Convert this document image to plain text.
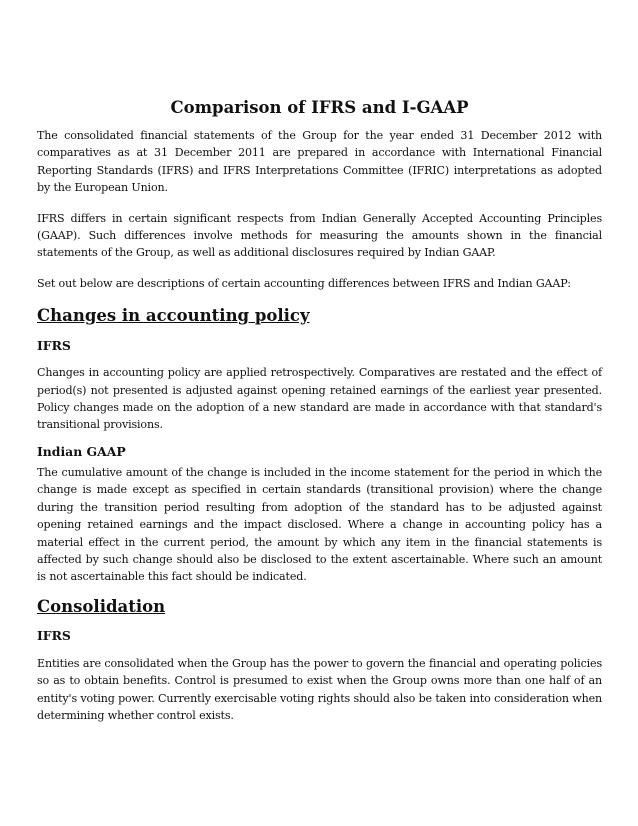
Comparison of IFRS and I-GAAP

The consolidated financial statements of the Group for the year ended 31 December 2012 with comparatives as at 31 December 2011 are prepared in accordance with International Financial Reporting Standards (IFRS) and IFRS Interpretations Committee (IFRIC) interpretations as adopted by the European Union.

IFRS differs in certain significant respects from Indian Generally Accepted Accounting Principles (GAAP). Such differences involve methods for measuring the amounts shown in the financial statements of the Group, as well as additional disclosures required by Indian GAAP.

Set out below are descriptions of certain accounting differences between IFRS and Indian GAAP:

Changes in accounting policy
IFRS

Changes in accounting policy are applied retrospectively. Comparatives are restated and the effect of period(s) not presented is adjusted against opening retained earnings of the earliest year presented. Policy changes made on the adoption of a new standard are made in accordance with that standard's transitional provisions.

Indian GAAP

The cumulative amount of the change is included in the income statement for the period in which the change is made except as specified in certain standards (transitional provision) where the change during the transition period resulting from adoption of the standard has to be adjusted against opening retained earnings and the impact disclosed. Where a change in accounting policy has a material effect in the current period, the amount by which any item in the financial statements is affected by such change should also be disclosed to the extent ascertainable. Where such an amount is not ascertainable this fact should be indicated.

Consolidation
IFRS

Entities are consolidated when the Group has the power to govern the financial and operating policies so as to obtain benefits. Control is presumed to exist when the Group owns more than one half of an entity's voting power. Currently exercisable voting rights should also be taken into consideration when determining whether control exists.
